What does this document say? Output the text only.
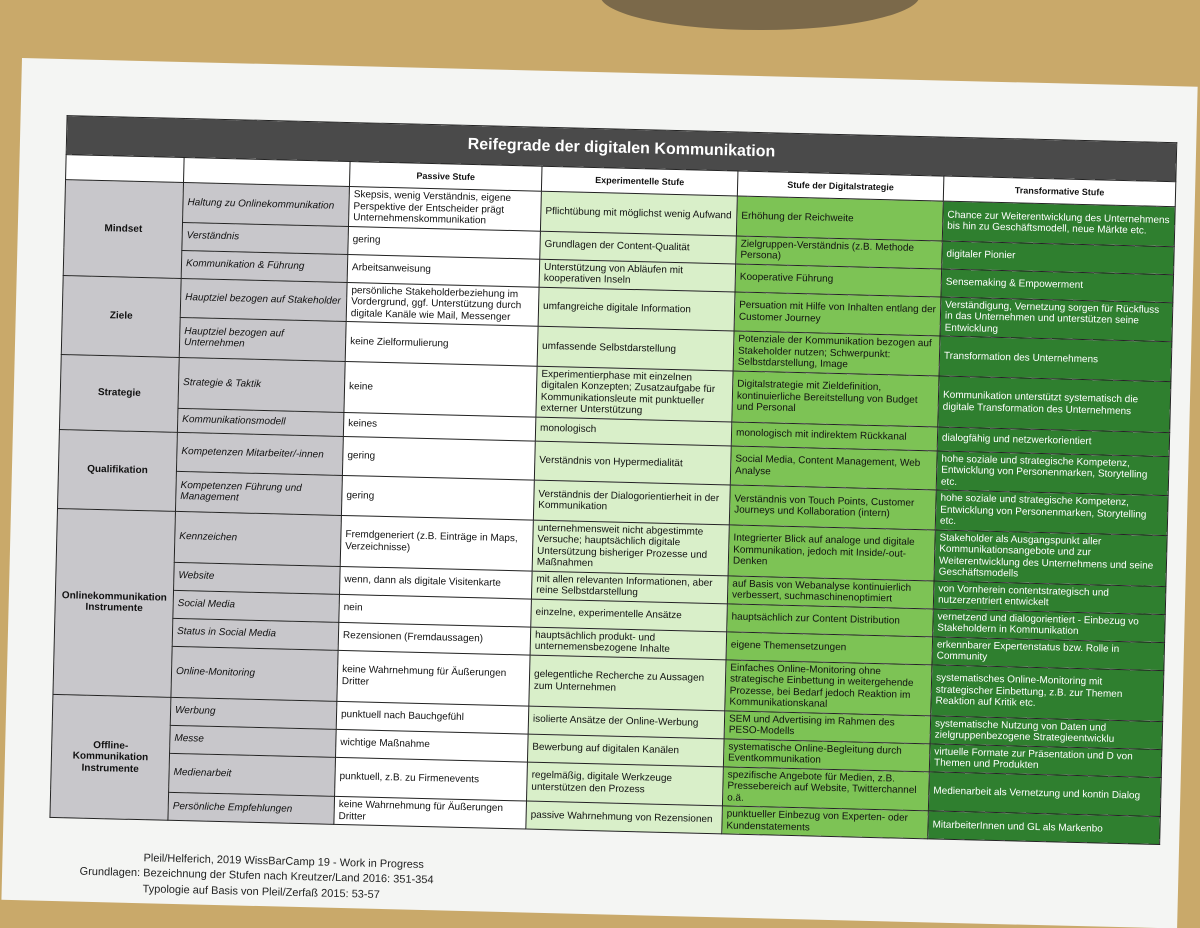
Reifegrade der digitalen Kommunikation					
		Passive Stufe	Experimentelle Stufe	Stufe der Digitalstrategie	Transformative Stufe
Mindset	Haltung zu Onlinekommunikation	Skepsis, wenig Verständnis, eigene Perspektive der Entscheider prägt Unternehmenskommunikation	Pflichtübung mit möglichst wenig Aufwand	Erhöhung der Reichweite	Chance zur Weiterentwicklung des Unternehmens bis hin zu Geschäftsmodell, neue Märkte etc.
	Verständnis	gering	Grundlagen der Content-Qualität	Zielgruppen-Verständnis (z.B. Methode Persona)	digitaler Pionier
	Kommunikation & Führung	Arbeitsanweisung	Unterstützung von Abläufen mit kooperativen Inseln	Kooperative Führung	Sensemaking & Empowerment
Ziele	Hauptziel bezogen auf Stakeholder	persönliche Stakeholderbeziehung im Vordergrund, ggf. Unterstützung durch digitale Kanäle wie Mail, Messenger	umfangreiche digitale Information	Persuation mit Hilfe von Inhalten entlang der Customer Journey	Verständigung, Vernetzung sorgen für Rückfluss in das Unternehmen und unterstützen seine Entwicklung
	Hauptziel bezogen auf Unternehmen	keine Zielformulierung	umfassende Selbstdarstellung	Potenziale der Kommunikation bezogen auf Stakeholder nutzen; Schwerpunkt: Selbstdarstellung, Image	Transformation des Unternehmens
Strategie	Strategie & Taktik	keine	Experimentierphase mit einzelnen digitalen Konzepten; Zusatzaufgabe für Kommunikationsleute mit punktueller externer Unterstützung	Digitalstrategie mit Zieldefinition, kontinuierliche Bereitstellung von Budget und Personal	Kommunikation unterstützt systematisch die digitale Transformation des Unternehmens
	Kommunikationsmodell	keines	monologisch	monologisch mit indirektem Rückkanal	dialogfähig und netzwerkorientiert
Qualifikation	Kompetenzen Mitarbeiter/-innen	gering	Verständnis von Hypermedialität	Social Media, Content Management, Web Analyse	hohe soziale und strategische Kompetenz, Entwicklung von Personenmarken, Storytelling etc.
	Kompetenzen Führung und Management	gering	Verständnis der Dialogorientierheit in der Kommunikation	Verständnis von Touch Points, Customer Journeys und Kollaboration (intern)	hohe soziale und strategische Kompetenz, Entwicklung von Personenmarken, Storytelling etc.
Onlinekommunikation Instrumente	Kennzeichen	Fremdgeneriert (z.B. Einträge in Maps, Verzeichnisse)	unternehmensweit nicht abgestimmte Versuche; hauptsächlich digitale Untersützung bisheriger Prozesse und Maßnahmen	Integrierter Blick auf analoge und digitale Kommunikation, jedoch mit Inside/-out-Denken	Stakeholder als Ausgangspunkt aller Kommunikationsangebote und zur Weiterentwicklung des Unternehmens und seine Geschäftsmodells
	Website	wenn, dann als digitale Visitenkarte	mit allen relevanten Informationen, aber reine Selbstdarstellung	auf Basis von Webanalyse kontinuierlich verbessert, suchmaschinenoptimiert	von Vornherein contentstrategisch und nutzerzentriert entwickelt
	Social Media	nein	einzelne, experimentelle Ansätze	hauptsächlich zur Content Distribution	vernetzend und dialogorientiert - Einbezug vo Stakeholdern in Kommunikation
	Status in Social Media	Rezensionen (Fremdaussagen)	hauptsächlich produkt- und unternemensbezogene Inhalte	eigene Themensetzungen	erkennbarer Expertenstatus bzw. Rolle in Community
	Online-Monitoring	keine Wahrnehmung für Äußerungen Dritter	gelegentliche Recherche zu Aussagen zum Unternehmen	Einfaches Online-Monitoring ohne strategische Einbettung in weitergehende Prozesse, bei Bedarf jedoch Reaktion im Kommunikationskanal	systematisches Online-Monitoring mit strategischer Einbettung, z.B. zur Themen Reaktion auf Kritik etc.
Offline-Kommunikation Instrumente	Werbung	punktuell nach Bauchgefühl	isolierte Ansätze der Online-Werbung	SEM und Advertising im Rahmen des PESO-Modells	systematische Nutzung von Daten und zielgruppenbezogene Strategieentwicklu
	Messe	wichtige Maßnahme	Bewerbung auf digitalen Kanälen	systematische Online-Begleitung durch Eventkommunikation	virtuelle Formate zur Präsentation und D von Themen und Produkten
	Medienarbeit	punktuell, z.B. zu Firmenevents	regelmäßig, digitale Werkzeuge unterstützen den Prozess	spezifische Angebote für Medien, z.B. Pressebereich auf Website, Twitterchannel o.ä.	Medienarbeit als Vernetzung und kontin Dialog
	Persönliche Empfehlungen	keine Wahrnehmung für Äußerungen Dritter	passive Wahrnehmung von Rezensionen	punktueller Einbezug von Experten- oder Kundenstatements	MitarbeiterInnen und GL als Markenbo
Pleil/Helferich, 2019 WissBarCamp 19 - Work in Progress
Grundlagen: Bezeichnung der Stufen nach Kreutzer/Land 2016: 351-354
Typologie auf Basis von Pleil/Zerfaß 2015: 53-57
